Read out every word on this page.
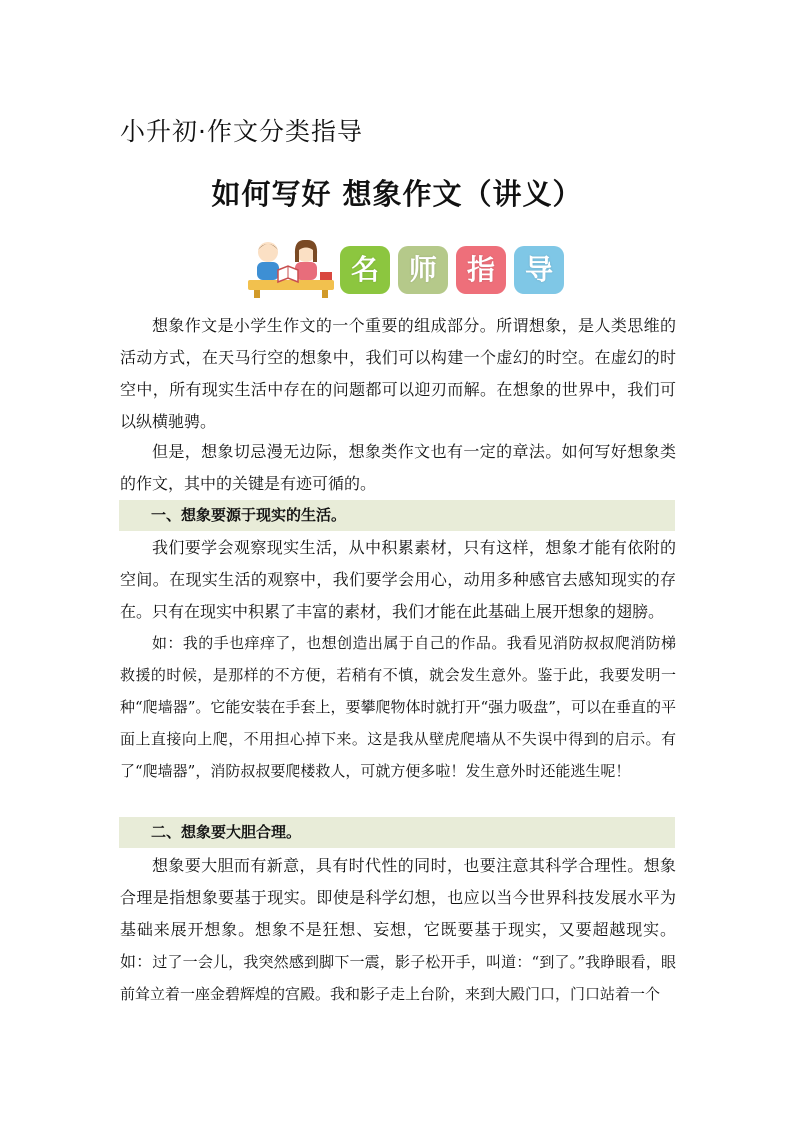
小升初·作文分类指导
如何写好 想象作文（讲义）
名	师	指	导

想象作文是小学生作文的一个重要的组成部分。所谓想象，是人类思维的活动方式，在天马行空的想象中，我们可以构建一个虚幻的时空。在虚幻的时空中，所有现实生活中存在的问题都可以迎刃而解。在想象的世界中，我们可以纵横驰骋。

但是，想象切忌漫无边际，想象类作文也有一定的章法。如何写好想象类的作文，其中的关键是有迹可循的。

一、想象要源于现实的生活。

我们要学会观察现实生活，从中积累素材，只有这样，想象才能有依附的空间。在现实生活的观察中，我们要学会用心，动用多种感官去感知现实的存在。只有在现实中积累了丰富的素材，我们才能在此基础上展开想象的翅膀。

如：我的手也痒痒了，也想创造出属于自己的作品。我看见消防叔叔爬消防梯救援的时候，是那样的不方便，若稍有不慎，就会发生意外。鉴于此，我要发明一种“爬墙器”。它能安装在手套上，要攀爬物体时就打开“强力吸盘”，可以在垂直的平面上直接向上爬，不用担心掉下来。这是我从壁虎爬墙从不失误中得到的启示。有了“爬墙器”，消防叔叔要爬楼救人，可就方便多啦！发生意外时还能逃生呢！

二、想象要大胆合理。

想象要大胆而有新意，具有时代性的同时，也要注意其科学合理性。想象合理是指想象要基于现实。即使是科学幻想，也应以当今世界科技发展水平为基础来展开想象。想象不是狂想、妄想，它既要基于现实，又要超越现实。如：过了一会儿，我突然感到脚下一震，影子松开手，叫道：“到了。”我睁眼看，眼前耸立着一座金碧辉煌的宫殿。我和影子走上台阶，来到大殿门口，门口站着一个
